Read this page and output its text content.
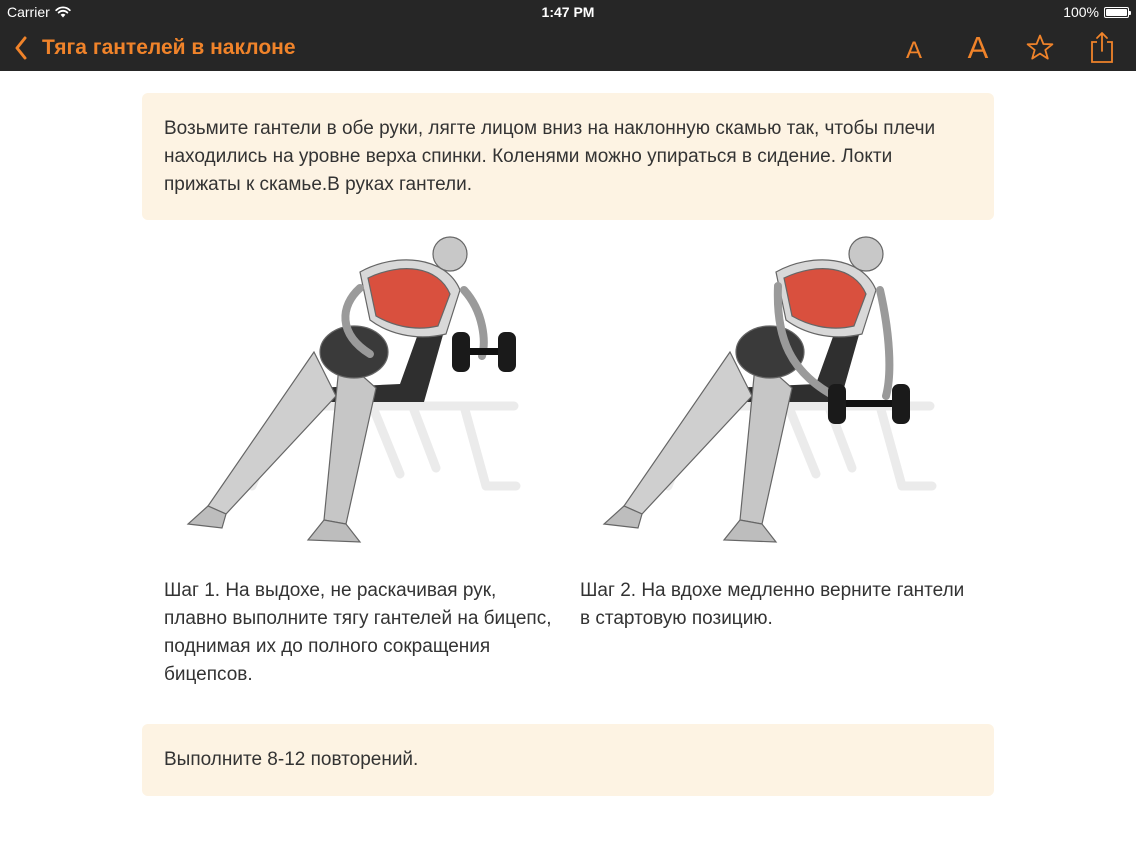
Carrier	1:47 PM	100%
Тяга гантелей в наклоне	A A
Возьмите гантели в обе руки, лягте лицом вниз на наклонную скамью так, чтобы плечи находились на уровне верха спинки. Коленями можно упираться в сидение. Локти прижаты к скамье.В руках гантели.
Шаг 1. На выдохе, не раскачивая рук, плавно выполните тягу гантелей на бицепс, поднимая их до полного сокращения бицепсов.
Шаг 2. На вдохе медленно верните гантели в стартовую позицию.
Выполните 8-12 повторений.
